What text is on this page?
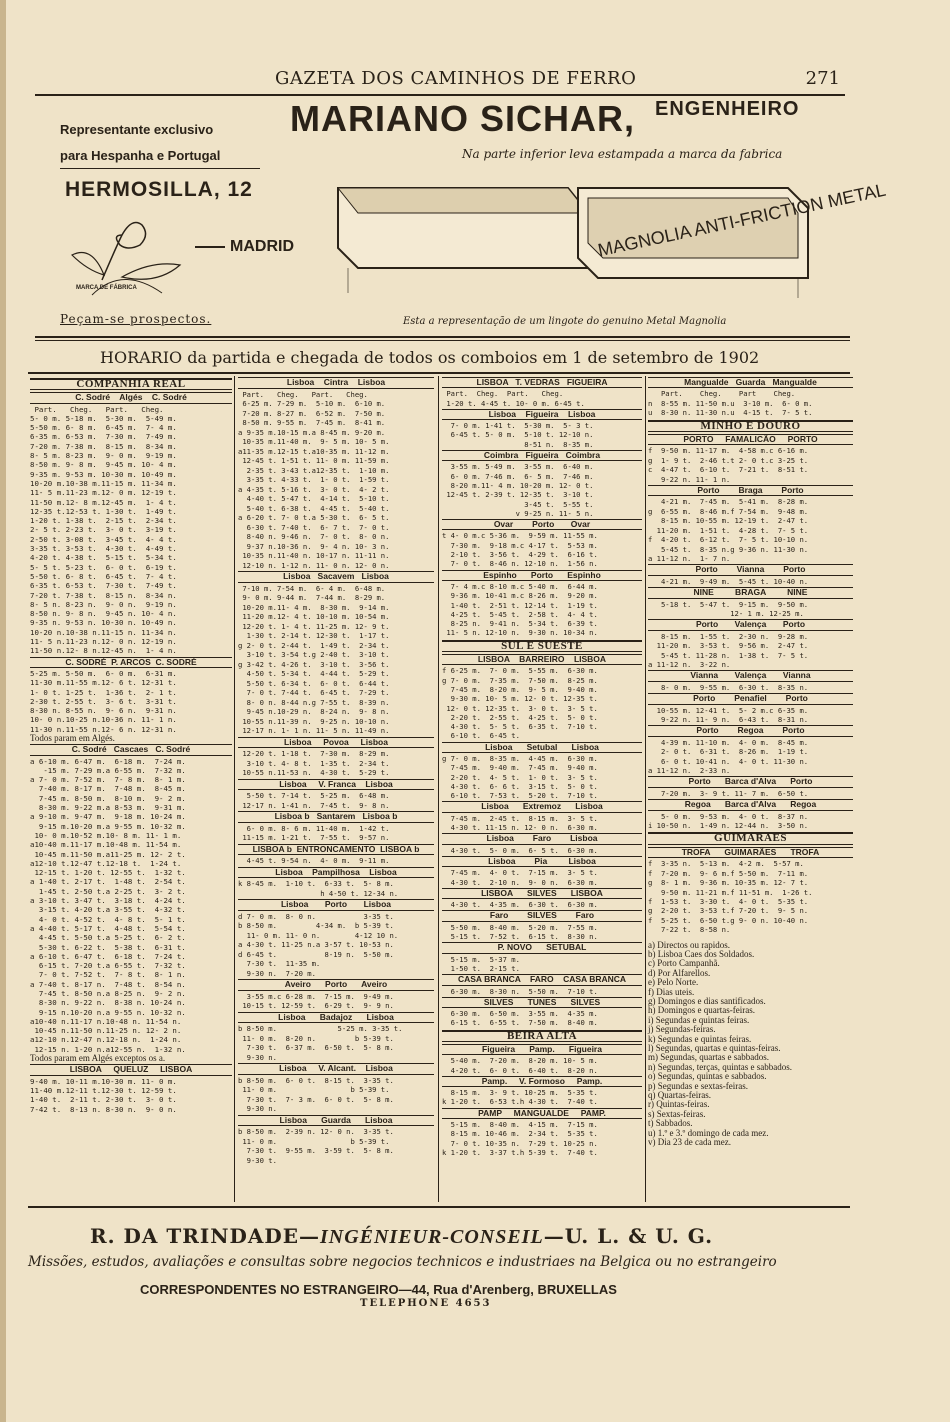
GAZETA DOS CAMINHOS DE FERRO	271
Representante exclusivo
para Hespanha e Portugal
HERMOSILLA, 12
MADRID
MARCA DE FÁBRICA
MARIANO SICHAR, ENGENHEIRO
Na parte inferior leva estampada a marca da fabrica
MAGNOLIA ANTI-FRICTION METAL
Peçam-se prospectos.	Esta a representação de um lingote do genuino Metal Magnolia
HORARIO da partida e chegada de todos os comboios em 1 de setembro de 1902
COMPANHIA REAL
C. Sodré    Algés    C. Sodré
Part.   Cheg.   Part.   Cheg.
5- 0 m. 5-18 m.  5-30 m.  5-49 m.
5-50 m. 6- 8 m.  6-45 m.  7- 4 m.
6-35 m. 6-53 m.  7-30 m.  7-49 m.
7-20 m. 7-38 m.  8-15 m.  8-34 m.
8- 5 m. 8-23 m.  9- 0 m.  9-19 m.
8-50 m. 9- 8 m.  9-45 m. 10- 4 m.
9-35 m. 9-53 m. 10-30 m. 10-49 m.
10-20 m.10-38 m.11-15 m. 11-34 m.
11- 5 m.11-23 m.12- 0 m. 12-19 t.
11-50 m.12- 8 m.12-45 m.  1- 4 t.
12-35 t.12-53 t. 1-30 t.  1-49 t.
1-20 t. 1-38 t.  2-15 t.  2-34 t.
2- 5 t. 2-23 t.  3- 0 t.  3-19 t.
2-50 t. 3-08 t.  3-45 t.  4- 4 t.
3-35 t. 3-53 t.  4-30 t.  4-49 t.
4-20 t. 4-38 t.  5-15 t.  5-34 t.
5- 5 t. 5-23 t.  6- 0 t.  6-19 t.
5-50 t. 6- 8 t.  6-45 t.  7- 4 t.
6-35 t. 6-53 t.  7-30 t.  7-49 t.
7-20 t. 7-38 t.  8-15 n.  8-34 n.
8- 5 n. 8-23 n.  9- 0 n.  9-19 n.
8-50 n. 9- 8 n.  9-45 n. 10- 4 n.
9-35 n. 9-53 n. 10-30 n. 10-49 n.
10-20 n.10-38 n.11-15 n. 11-34 n.
11- 5 n.11-23 n.12- 0 n. 12-19 n.
11-50 n.12- 8 n.12-45 n.  1- 4 n.
C. SODRÉ  P. ARCOS  C. SODRÉ
5-25 m. 5-50 m.  6- 0 m.  6-31 m.
11-30 m.11-55 m.12- 6 t. 12-31 t.
1- 0 t. 1-25 t.  1-36 t.  2- 1 t.
2-30 t. 2-55 t.  3- 6 t.  3-31 t.
8-30 n. 8-55 n.  9- 6 n.  9-31 n.
10- 0 n.10-25 n.10-36 n. 11- 1 n.
11-30 n.11-55 n.12- 6 n. 12-31 n.
Todos param em Algés.
C. Sodré   Cascaes   C. Sodré
a 6-10 m. 6-47 m.  6-18 m.  7-24 m.
-15 m. 7-29 m.a 6-55 m.  7-32 m.
a 7- 0 m. 7-52 m.  7- 8 m.  8- 1 m.
7-40 m. 8-17 m.  7-48 m.  8-45 m.
7-45 m. 8-50 m.  8-10 m.  9- 2 m.
8-30 m. 9-22 m.a 8-53 m.  9-31 m.
a 9-10 m. 9-47 m.  9-18 m. 10-24 m.
9-15 m.10-20 m.a 9-55 m. 10-32 m.
10- 0 m.10-52 m.10- 8 m. 11- 1 m.
a10-40 m.11-17 m.10-48 m. 11-54 m.
10-45 m.11-50 m.a11-25 m. 12- 2 t.
a12-10 t.12-47 t.12-18 t.  1-24 t.
12-15 t. 1-20 t. 12-55 t.  1-32 t.
a 1-40 t. 2-17 t.  1-48 t.  2-54 t.
1-45 t. 2-50 t.a 2-25 t.  3- 2 t.
a 3-10 t. 3-47 t.  3-18 t.  4-24 t.
3-15 t. 4-20 t.a 3-55 t.  4-32 t.
4- 0 t. 4-52 t.  4- 8 t.  5- 1 t.
a 4-40 t. 5-17 t.  4-48 t.  5-54 t.
4-45 t. 5-50 t.a 5-25 t.  6- 2 t.
5-30 t. 6-22 t.  5-38 t.  6-31 t.
a 6-10 t. 6-47 t.  6-18 t.  7-24 t.
6-15 t. 7-20 t.a 6-55 t.  7-32 t.
7- 0 t. 7-52 t.  7- 8 t.  8- 1 n.
a 7-40 t. 8-17 n.  7-48 t.  8-54 n.
7-45 t. 8-50 n.a 8-25 n.  9- 2 n.
8-30 n. 9-22 n.  8-38 n. 10-24 n.
9-15 n.10-20 n.a 9-55 n. 10-32 n.
a10-40 n.11-17 n.10-48 n. 11-54 n.
10-45 n.11-50 n.11-25 n. 12- 2 n.
a12-10 n.12-47 n.12-18 n.  1-24 n.
12-15 n. 1-20 n.a12-55 n.  1-32 n.
Todos param em Algés exceptos os a.
LISBOA     QUELUZ     LISBOA
9-40 m. 10-11 m.10-30 m. 11- 0 m.
11-40 m.12-11 t.12-30 t. 12-59 t.
1-40 t.  2-11 t. 2-30 t.  3- 0 t.
7-42 t.  8-13 n. 8-30 n.  9- 0 n.
Lisboa    Cintra    Lisboa
Part.   Cheg.   Part.   Cheg.
6-25 m. 7-29 m.  5-10 m.  6-10 m.
7-20 m. 8-27 m.  6-52 m.  7-50 m.
8-50 m. 9-55 m.  7-45 m.  8-41 m.
a 9-35 m.10-15 m.a 8-45 m. 9-20 m.
10-35 m.11-40 m.  9- 5 m. 10- 5 m.
a11-35 m.12-15 t.a10-35 m. 11-12 m.
12-45 t. 1-51 t. 11- 0 m. 11-59 m.
2-35 t. 3-43 t.a12-35 t.  1-10 m.
3-35 t. 4-33 t.  1- 0 t.  1-59 t.
a 4-35 t. 5-16 t.  3- 0 t.  4- 2 t.
4-40 t. 5-47 t.  4-14 t.  5-10 t.
5-40 t. 6-38 t.  4-45 t.  5-40 t.
a 6-20 t. 7- 0 t.a 5-30 t.  6- 5 t.
6-30 t. 7-40 t.  6- 7 t.  7- 0 t.
8-40 n. 9-46 n.  7- 0 t.  8- 0 n.
9-37 n.10-36 n.  9- 4 n. 10- 3 n.
10-35 n.11-40 n. 10-17 n. 11-11 n.
12-10 n. 1-12 n. 11- 0 n. 12- 0 n.
Lisboa   Sacavem   Lisboa
7-10 m. 7-54 m.  6- 4 m.  6-48 m.
9- 0 m. 9-44 m.  7-44 m.  8-29 m.
10-20 m.11- 4 m.  8-30 m.  9-14 m.
11-20 m.12- 4 t. 10-10 m. 10-54 m.
12-20 t. 1- 4 t. 11-25 m. 12- 9 t.
1-30 t. 2-14 t. 12-30 t.  1-17 t.
g 2- 0 t. 2-44 t.  1-49 t.  2-34 t.
3-10 t. 3-54 t.g 2-40 t.  3-10 t.
g 3-42 t. 4-26 t.  3-10 t.  3-56 t.
4-50 t. 5-34 t.  4-44 t.  5-29 t.
5-50 t. 6-34 t.  6- 0 t.  6-44 t.
7- 0 t. 7-44 t.  6-45 t.  7-29 t.
8- 0 n. 8-44 n.g 7-55 t.  8-39 n.
9-45 n.10-29 n.  8-24 n.  9- 8 n.
10-55 n.11-39 n.  9-25 n. 10-10 n.
12-17 n. 1- 1 n. 11- 5 n. 11-49 n.
Lisboa     Povoa     Lisboa
12-20 t. 1-18 t.  7-30 m.  8-29 m.
3-10 t. 4- 8 t.  1-35 t.  2-34 t.
10-55 n.11-53 n.  4-30 t.  5-29 t.
Lisboa     V. Franca    Lisboa
5-50 t. 7-14 t.  5-25 m.  6-48 m.
12-17 n. 1-41 n.  7-45 t.  9- 8 n.
Lisboa b   Santarem   Lisboa b
6- 0 m. 8- 6 m. 11-40 m.  1-42 t.
11-15 m. 1-21 t.  7-55 t.  9-57 n.
LISBOA b  ENTRONCAMENTO  LISBOA b
4-45 t. 9-54 n.  4- 0 m.  9-11 m.
Lisboa    Pampilhosa    Lisboa
k 8-45 m.  1-10 t.  6-33 t.  5- 8 m.
h 4-50 t. 12-34 n.
Lisboa       Porto       Lisboa
d 7- 0 m.  8- 0 n.           3-35 t.
b 8-50 m.         4-34 m.  b 5-39 t.
11- 0 m. 11- 0 n.        4-12 10 n.
a 4-30 t. 11-25 n.a 3-57 t. 10-53 n.
d 6-45 t.           8-19 n.  5-50 m.
7-30 t.  11-35 m.
9-30 n.  7-20 m.
Aveiro      Porto      Aveiro
3-55 m.c 6-28 m.  7-15 m.  9-49 m.
10-15 t. 12-59 t.  6-29 t.  9- 9 n.
Lisboa      Badajoz      Lisboa
b 8-50 m.              5-25 m. 3-35 t.
11- 0 m.  8-20 n.         b 5-39 t.
7-30 t.  6-37 m.  6-50 t.  5- 8 m.
9-30 n.
Lisboa     V. Alcant.    Lisboa
b 8-50 m.  6- 0 t.  8-15 t.  3-35 t.
11- 0 m.                 b 5-39 t.
7-30 t.  7- 3 m.  6- 0 t.  5- 8 m.
9-30 n.
Lisboa      Guarda      Lisboa
b 8-50 m.  2-39 n. 12- 0 n.  3-35 t.
11- 0 m.                 b 5-39 t.
7-30 t.  9-55 m.  3-59 t.  5- 8 m.
9-30 t.
LISBOA   T. VEDRAS   FIGUEIRA
Part.  Cheg.  Part.   Cheg.
1-20 t. 4-45 t. 10- 0 m. 6-45 t.
Lisboa    Figueira    Lisboa
7- 0 m. 1-41 t.  5-30 m.  5- 3 t.
6-45 t. 5- 0 m.  5-10 t. 12-10 n.
8-51 n.  8-35 m.
Coimbra   Figueira   Coimbra
3-55 m. 5-49 m.  3-55 m.  6-40 m.
6- 0 m. 7-46 m.  6- 5 m.  7-46 m.
8-20 m.11- 4 m. 10-20 m. 12- 0 t.
12-45 t. 2-39 t. 12-35 t.  3-10 t.
3-45 t.  5-55 t.
v 9-25 n. 11- 5 n.
Ovar        Porto       Ovar
t 4- 0 m.c 5-36 m.  9-59 m. 11-55 m.
7-30 m.  9-18 m.c 4-17 t.  5-53 m.
2-10 t.  3-56 t.  4-29 t.  6-16 t.
7- 0 t.  8-46 n. 12-10 n.  1-56 n.
Espinho      Porto      Espinho
7- 4 m.c 8-10 m.c 5-40 m.  6-44 m.
9-36 m. 10-41 m.c 8-26 m.  9-20 m.
1-40 t.  2-51 t. 12-14 t.  1-19 t.
4-25 t.  5-45 t.  2-58 t.  4- 4 t.
8-25 n.  9-41 n.  5-34 t.  6-39 t.
11- 5 n. 12-10 n.  9-30 n. 10-34 n.
SUL E SUESTE
LISBOA    BARREIRO    LISBOA
f 6-25 m.  7- 0 m.  5-55 m.  6-30 m.
g 7- 0 m.  7-35 m.  7-50 m.  8-25 m.
7-45 m.  8-20 m.  9- 5 m.  9-40 m.
9-30 m. 10- 5 m. 12- 0 t. 12-35 t.
12- 0 t. 12-35 t.  3- 0 t.  3- 5 t.
2-20 t.  2-55 t.  4-25 t.  5- 0 t.
4-30 t.  5- 5 t.  6-35 t.  7-10 t.
6-10 t.  6-45 t.
Lisboa      Setubal      Lisboa
g 7- 0 m.  8-35 m.  4-45 m.  6-30 m.
7-45 m.  9-40 m.  7-45 m.  9-40 m.
2-20 t.  4- 5 t.  1- 0 t.  3- 5 t.
4-30 t.  6- 6 t.  3-15 t.  5- 0 t.
6-10 t.  7-53 t.  5-20 t.  7-10 t.
Lisboa      Extremoz      Lisboa
7-45 m.  2-45 t.  8-15 m.  3- 5 t.
4-30 t. 11-15 n. 12- 0 n.  6-30 m.
Lisboa        Faro        Lisboa
4-30 t.  5- 0 m.  6- 5 t.  6-30 m.
Lisboa        Pia         Lisboa
7-45 m.  4- 0 t.  7-15 m.  3- 5 t.
4-30 t.  2-10 n.  9- 0 n.  6-30 m.
LISBOA      SILVES      LISBOA
4-30 t.  4-35 m.  6-30 t.  6-30 m.
Faro        SILVES        Faro
5-50 m.  8-40 m.  5-20 m.  7-55 m.
5-15 t.  7-52 t.  6-15 t.  8-30 n.
P. NOVO      SETUBAL
5-15 m.  5-37 m.
1-50 t.  2-15 t.
CASA BRANCA    FARO    CASA BRANCA
6-30 m.  8-30 n.  5-50 m.  7-10 t.
SILVES      TUNES      SILVES
6-30 m.  6-50 m.  3-55 m.  4-35 m.
6-15 t.  6-55 t.  7-50 m.  8-40 m.
BEIRA ALTA
Figueira      Pamp.      Figueira
5-40 m.  7-20 m.  8-20 m. 10- 5 m.
4-20 t.  6- 0 t.  6-40 t.  8-20 n.
Pamp.     V. Formoso     Pamp.
8-15 m.  3- 9 t. 10-25 m.  5-35 t.
k 1-20 t.  6-53 t.h 4-30 t.  7-40 t.
PAMP     MANGUALDE     PAMP.
5-15 m.  8-40 m.  4-15 m.  7-15 m.
8-15 m. 10-46 m.  2-34 t.  5-35 t.
7- 0 t. 10-35 n.  7-29 t. 10-25 n.
k 1-20 t.  3-37 t.h 5-39 t.  7-40 t.
Mangualde   Guarda   Mangualde
Part.    Cheg.    Part    Cheg.
n  8-55 m. 11-50 m.u  3-10 m.  6- 0 m.
u  8-30 n. 11-30 n.u  4-15 t.  7- 5 t.
MINHO E DOURO
PORTO     FAMALICÃO     PORTO
f  9-50 m. 11-17 m.  4-58 m.c 6-16 m.
g  1- 9 t.  2-46 t.t 2- 0 t.c 3-25 t.
c  4-47 t.  6-10 t.  7-21 t.  8-51 t.
9-22 n. 11- 1 n.
Porto        Braga        Porto
4-21 m.  7-45 m.  5-41 m.  8-28 m.
g  6-55 m.  8-46 m.f 7-54 m.  9-48 m.
8-15 m. 10-55 m. 12-19 t.  2-47 t.
11-20 m.  1-51 t.  4-28 t.  7- 5 t.
f  4-20 t.  6-12 t.  7- 5 t. 10-10 n.
5-45 t.  8-35 n.g 9-36 n. 11-30 n.
a 11-12 n.  1- 7 n.
Porto        Vianna        Porto
4-21 m.  9-49 m.  5-45 t. 10-40 n.
NINE         BRAGA         NINE
5-18 t.  5-47 t.  9-15 m.  9-50 m.
12- 1 m. 12-25 m.
Porto       Valença       Porto
8-15 m.  1-55 t.  2-30 n.  9-28 m.
11-20 m.  3-53 t.  9-56 m.  2-47 t.
5-45 t. 11-28 n.  1-38 t.  7- 5 t.
a 11-12 n.  3-22 n.
Vianna       Valença       Vianna
8- 0 m.  9-55 m.  6-30 t.  8-35 n.
Porto        Penafiel        Porto
10-55 m. 12-41 t.  5- 2 m.c 6-35 m.
9-22 n. 11- 9 n.  6-43 t.  8-31 n.
Porto        Regoa        Porto
4-39 m. 11-10 m.  4- 0 m.  8-45 m.
2- 0 t.  6-31 t.  8-26 m.  1-19 t.
6- 0 t. 10-41 n.  4- 0 t. 11-30 n.
a 11-12 n.  2-33 n.
Porto      Barca d'Alva      Porto
7-20 m.  3- 9 t. 11- 7 m.  6-50 t.
Regoa      Barca d'Alva      Regoa
5- 0 m.  9-53 m.  4- 0 t.  8-37 n.
i 10-50 n.  1-49 n. 12-44 n.  3-50 n.
GUIMARÃES
TROFA      GUIMARÃES      TROFA
f  3-35 n.  5-13 m.  4-2 m.  5-57 m.
f  7-20 m.  9- 6 m.f 5-50 m.  7-11 m.
g  8- 1 m.  9-36 m. 10-35 m. 12- 7 t.
9-50 m. 11-21 m.f 11-51 m.  1-26 t.
f  1-53 t.  3-30 t.  4- 0 t.  5-35 t.
g  2-20 t.  3-53 t.f 7-20 t.  9- 5 n.
f  5-25 t.  6-50 t.g 9- 0 n. 10-40 n.
7-22 t.  8-58 n.
a) Directos ou rapidos.
b) Lisboa Caes dos Soldados.
c) Porto Campanhã.
d) Por Alfarellos.
e) Pelo Norte.
f) Dias uteis.
g) Domingos e dias santificados.
h) Domingos e quartas-feiras.
i) Segundas e quintas feiras.
j) Segundas-feiras.
k) Segundas e quintas feiras.
l) Segundas, quartas e quintas-feiras.
m) Segundas, quartas e sabbados.
n) Segundas, terças, quintas e sabbados.
o) Segundas, quintas e sabbados.
p) Segundas e sextas-feiras.
q) Quartas-feiras.
r) Quintas-feiras.
s) Sextas-feiras.
t) Sabbados.
u) 1.º e 3.º domingo de cada mez.
v) Dia 23 de cada mez.
R. DA TRINDADE—INGÉNIEUR-CONSEIL—U. L. & U. G.
Missões, estudos, avaliações e consultas sobre negocios technicos e industriaes na Belgica ou no estrangeiro
CORRESPONDENTES NO ESTRANGEIRO—44, Rua d'Arenberg, BRUXELLAS
TELEPHONE 4653
